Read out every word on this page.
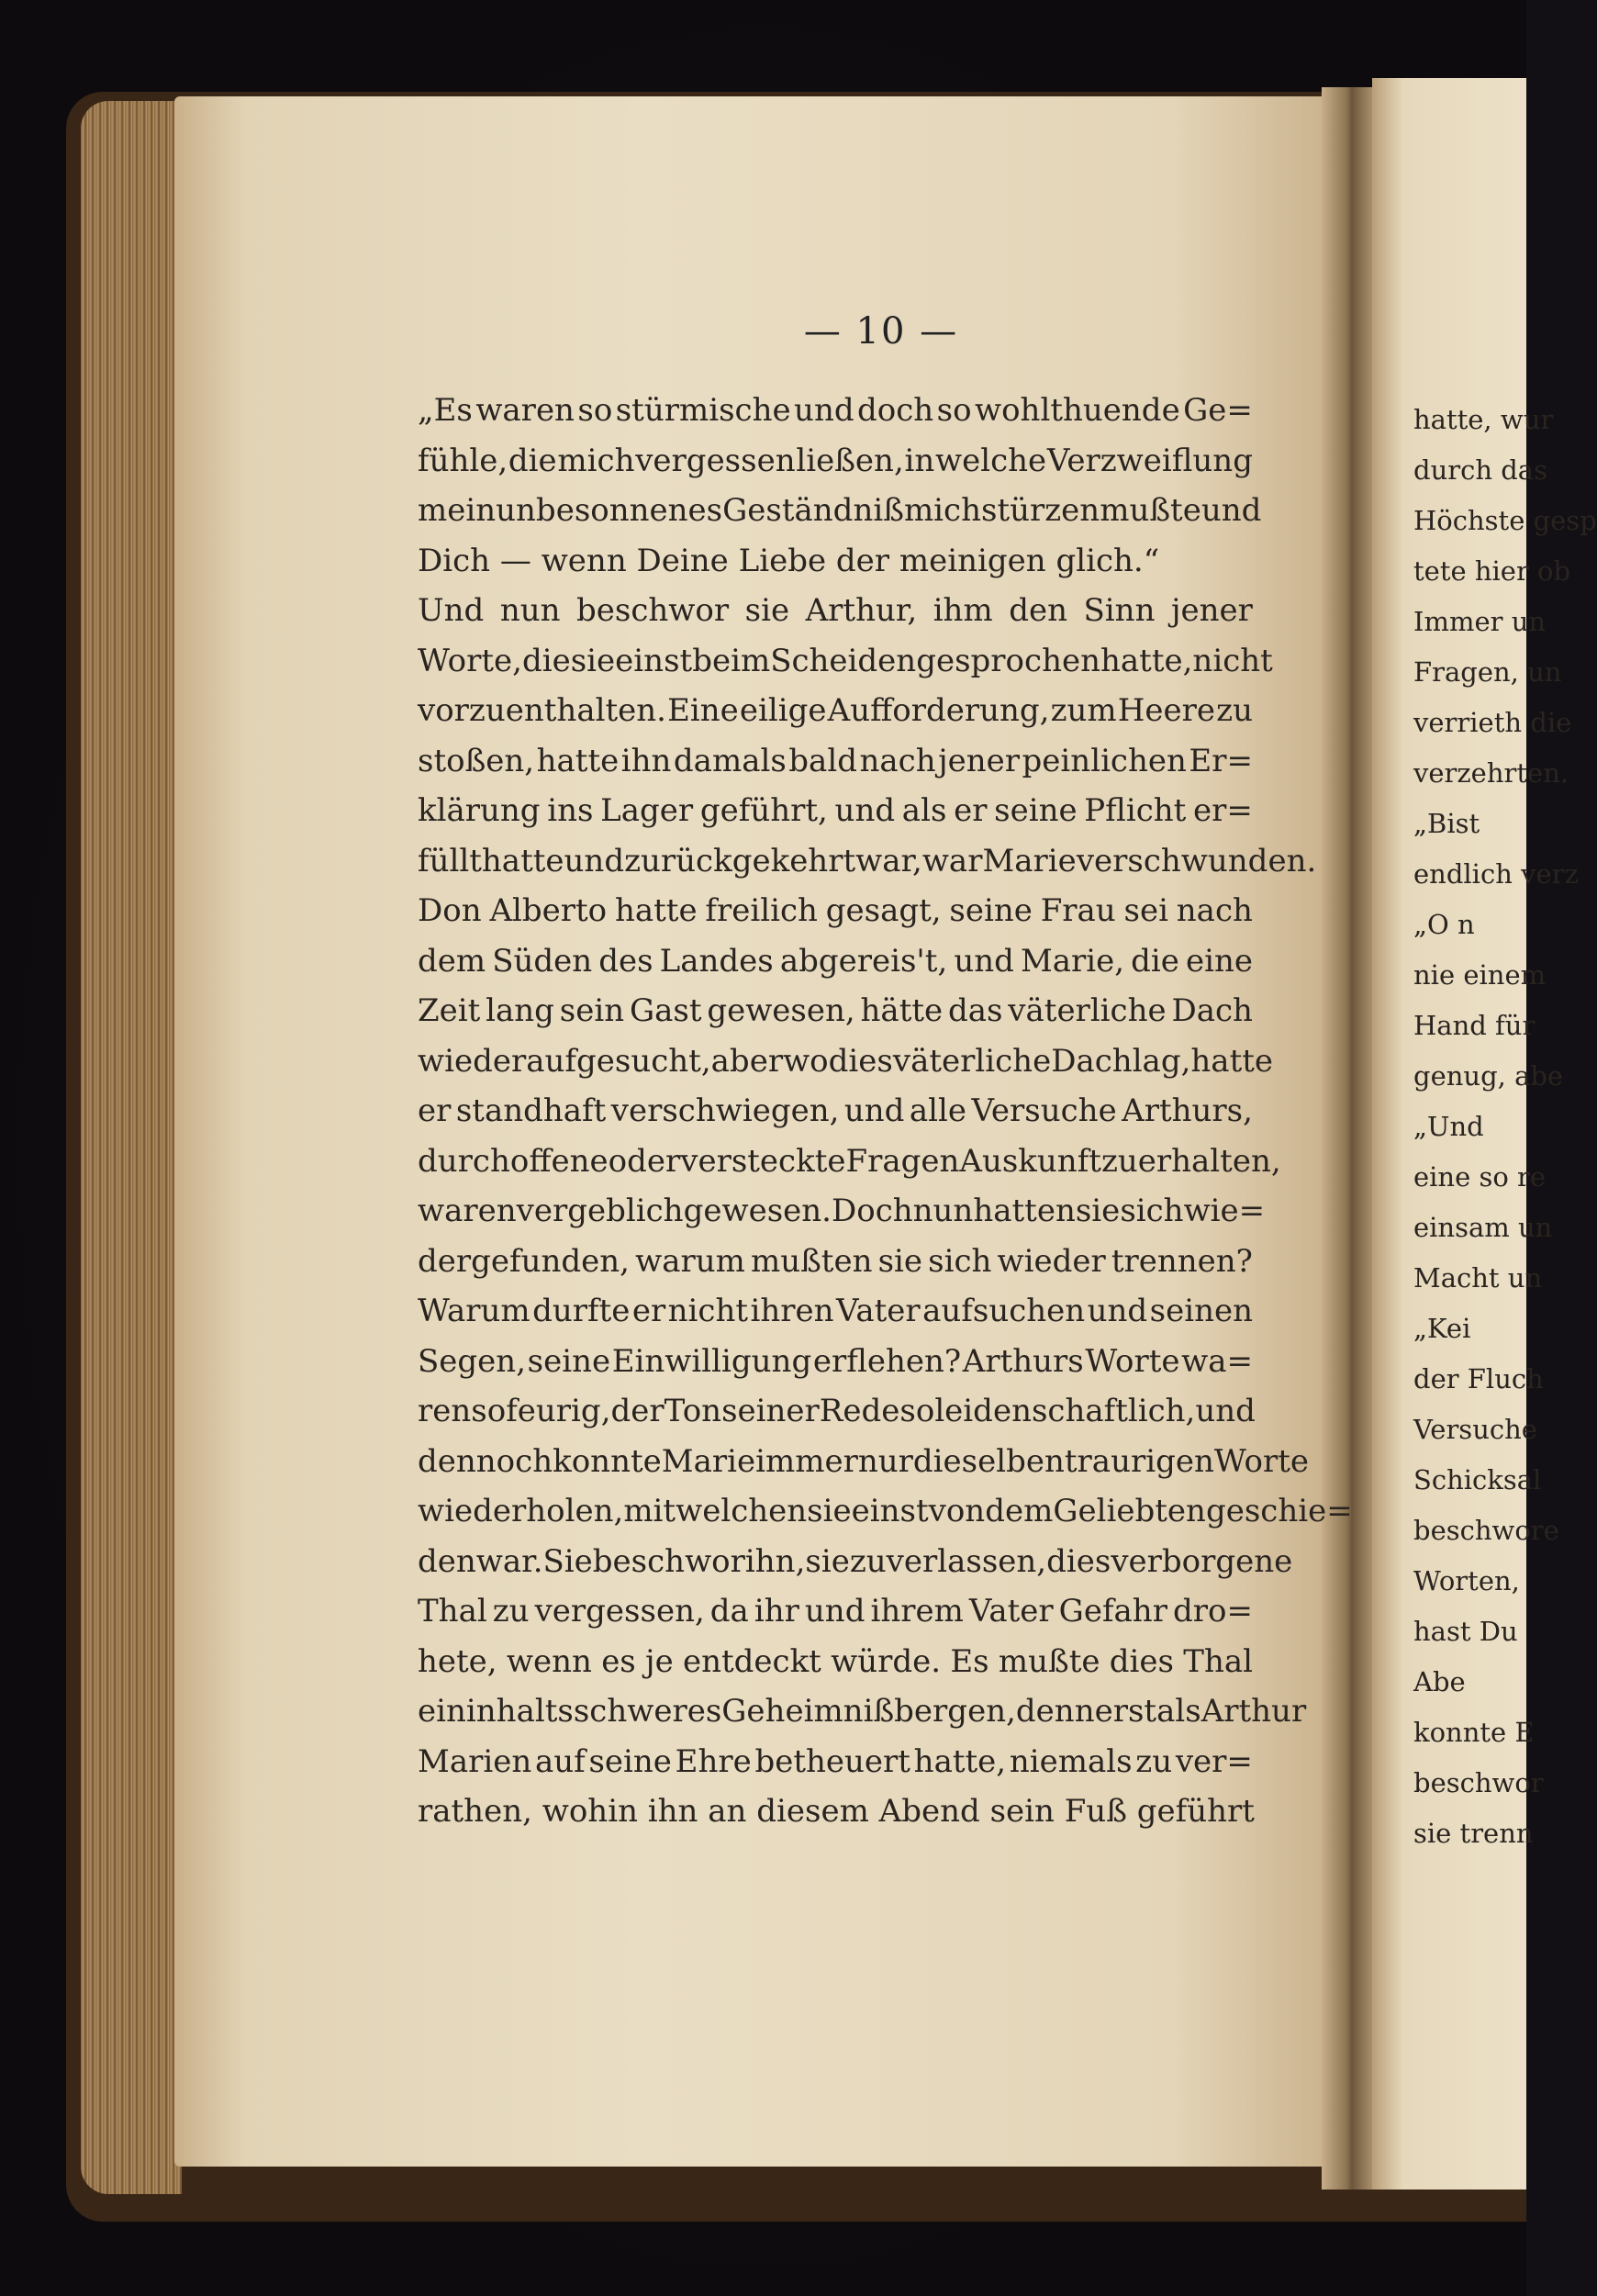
— 10 —
„Es waren so stürmische und doch so wohlthuende Ge=
fühle, die mich vergessen ließen, in welche Verzweiflung
mein unbesonnenes Geständniß mich stürzen mußte und
Dich — wenn Deine Liebe der meinigen glich.“
Und nun beschwor sie Arthur, ihm den Sinn jener
Worte, die sie einst beim Scheiden gesprochen hatte, nicht
vorzuenthalten. Eine eilige Aufforderung, zum Heere zu
stoßen, hatte ihn damals bald nach jener peinlichen Er=
klärung ins Lager geführt, und als er seine Pflicht er=
füllt hatte und zurückgekehrt war, war Marie verschwunden.
Don Alberto hatte freilich gesagt, seine Frau sei nach
dem Süden des Landes abgereis't, und Marie, die eine
Zeit lang sein Gast gewesen, hätte das väterliche Dach
wieder aufgesucht, aber wo dies väterliche Dach lag, hatte
er standhaft verschwiegen, und alle Versuche Arthurs,
durch offene oder versteckte Fragen Auskunft zu erhalten,
waren vergeblich gewesen. Doch nun hatten sie sich wie=
dergefunden, warum mußten sie sich wieder trennen?
Warum durfte er nicht ihren Vater aufsuchen und seinen
Segen, seine Einwilligung erflehen? Arthurs Worte wa=
ren so feurig, der Ton seiner Rede so leidenschaftlich, und
dennoch konnte Marie immer nur dieselben traurigen Worte
wiederholen, mit welchen sie einst von dem Geliebten geschie=
den war. Sie beschwor ihn, sie zu verlassen, dies verborgene
Thal zu vergessen, da ihr und ihrem Vater Gefahr dro=
hete, wenn es je entdeckt würde. Es mußte dies Thal
ein inhaltsschweres Geheimniß bergen, denn erst als Arthur
Marien auf seine Ehre betheuert hatte, niemals zu ver=
rathen, wohin ihn an diesem Abend sein Fuß geführt
hatte, wur
durch das
Höchste gesp
tete hier ob
Immer un
Fragen, un
verrieth die
verzehrten.
„Bist
endlich verz
„O n
nie einem
Hand für
genug, abe
„Und
eine so re
einsam un
Macht un
„Kei
der Fluch
Versuche
Schicksal
beschwore
Worten,
hast Du
Abe
konnte E
beschwor
sie trenn
